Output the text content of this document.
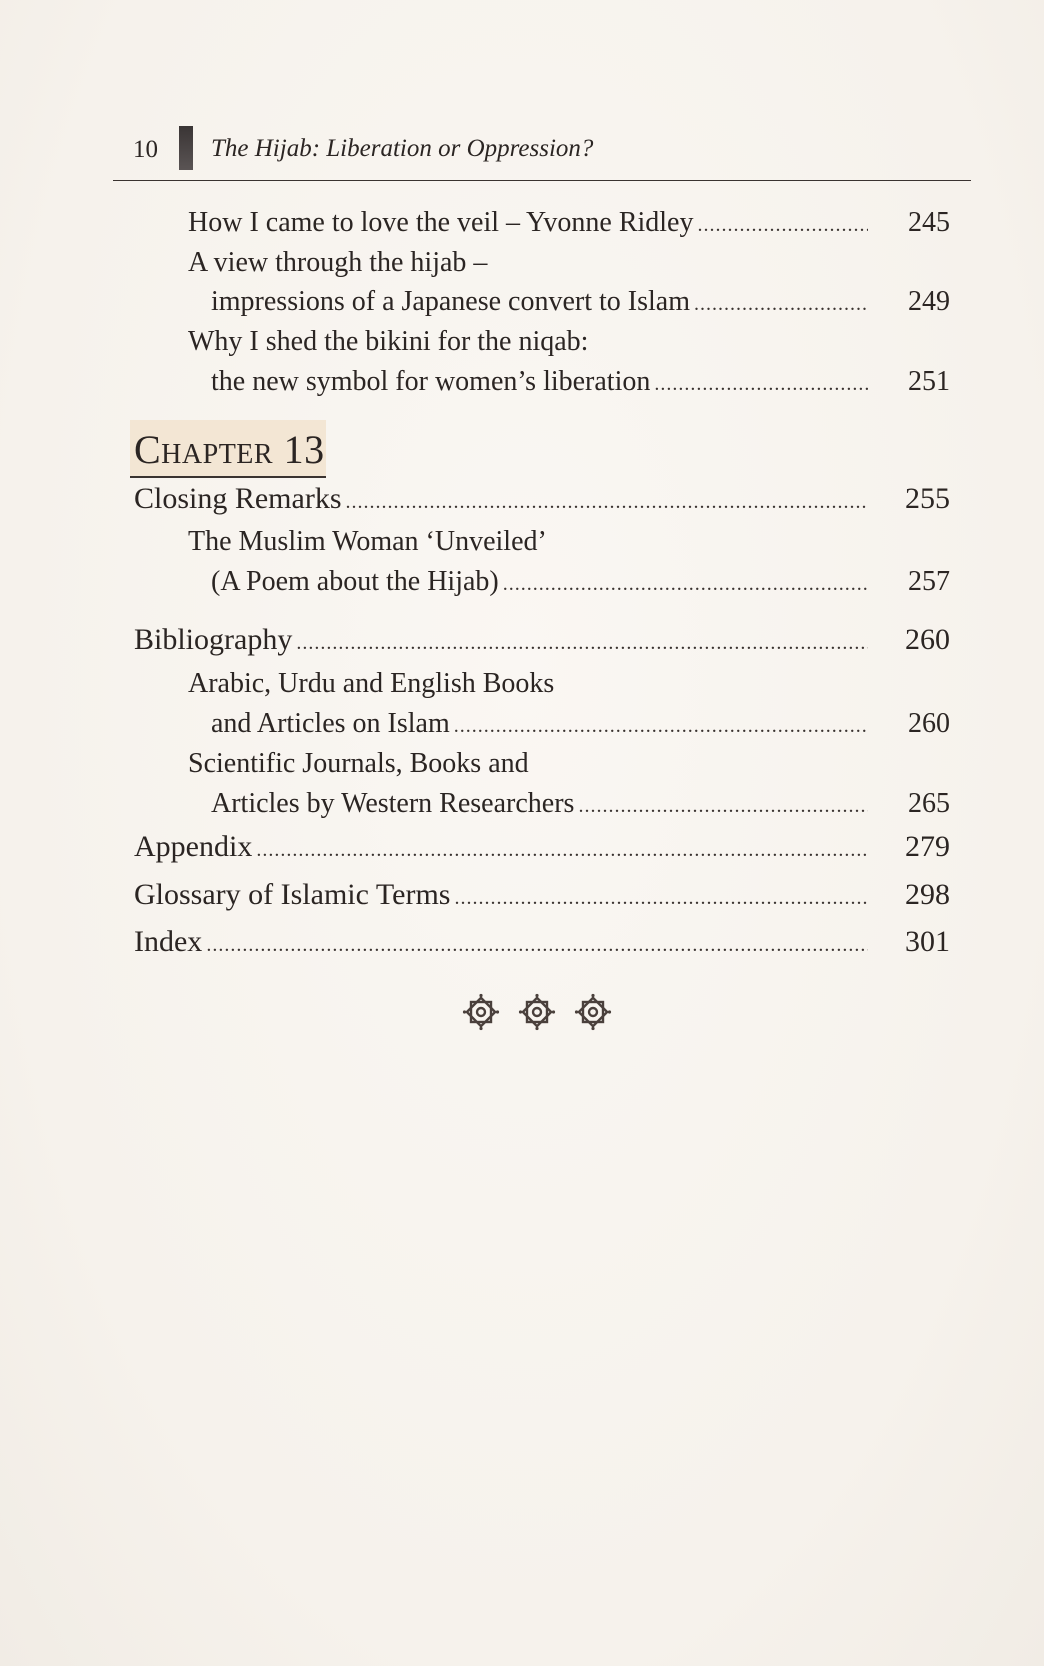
10 The Hijab: Liberation or Oppression?
How I came to love the veil – Yvonne Ridley .....	245
A view through the hijab –
impressions of a Japanese convert to Islam .....	249
Why I shed the bikini for the niqab:
the new symbol for women’s liberation .....	251
Chapter 13
Closing Remarks .....	255
The Muslim Woman ‘Unveiled’
(A Poem about the Hijab) .....	257
Bibliography .....	260
Arabic, Urdu and English Books
and Articles on Islam .....	260
Scientific Journals, Books and
Articles by Western Researchers .....	265
Appendix .....	279
Glossary of Islamic Terms .....	298
Index .....	301
